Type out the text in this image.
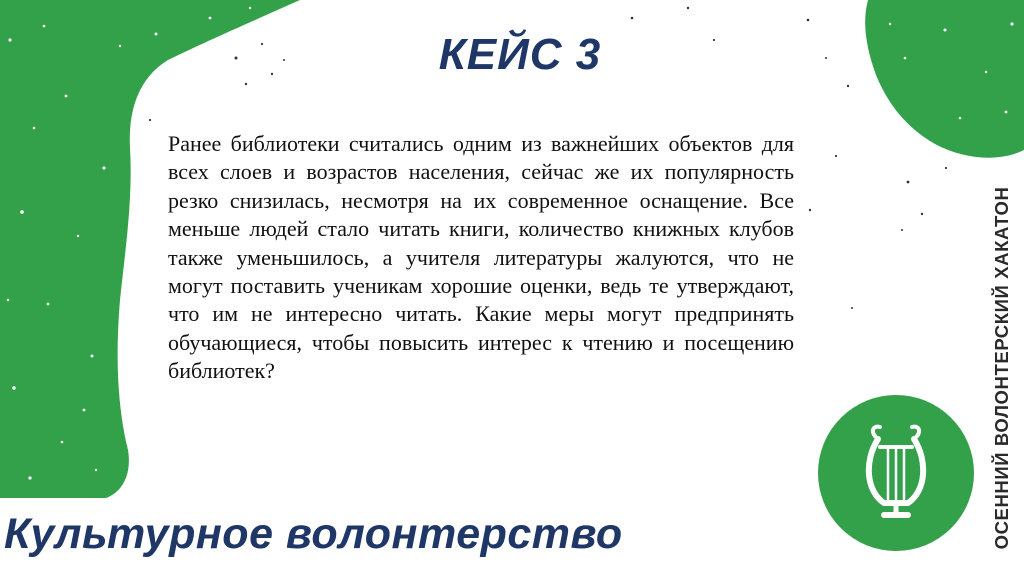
КЕЙС 3
Ранее библиотеки считались одним из важнейших объектов для всех слоев и возрастов населения, сейчас же их популярность резко снизилась, несмотря на их современное оснащение. Все меньше людей стало читать книги, количество книжных клубов также уменьшилось, а учителя литературы жалуются, что не могут поставить ученикам хорошие оценки, ведь те утверждают, что им не интересно читать. Какие меры могут предпринять обучающиеся, чтобы повысить интерес к чтению и посещению библиотек?
Культурное волонтерство	ОСЕННИЙ ВОЛОНТЕРСКИЙ ХАКАТОН
